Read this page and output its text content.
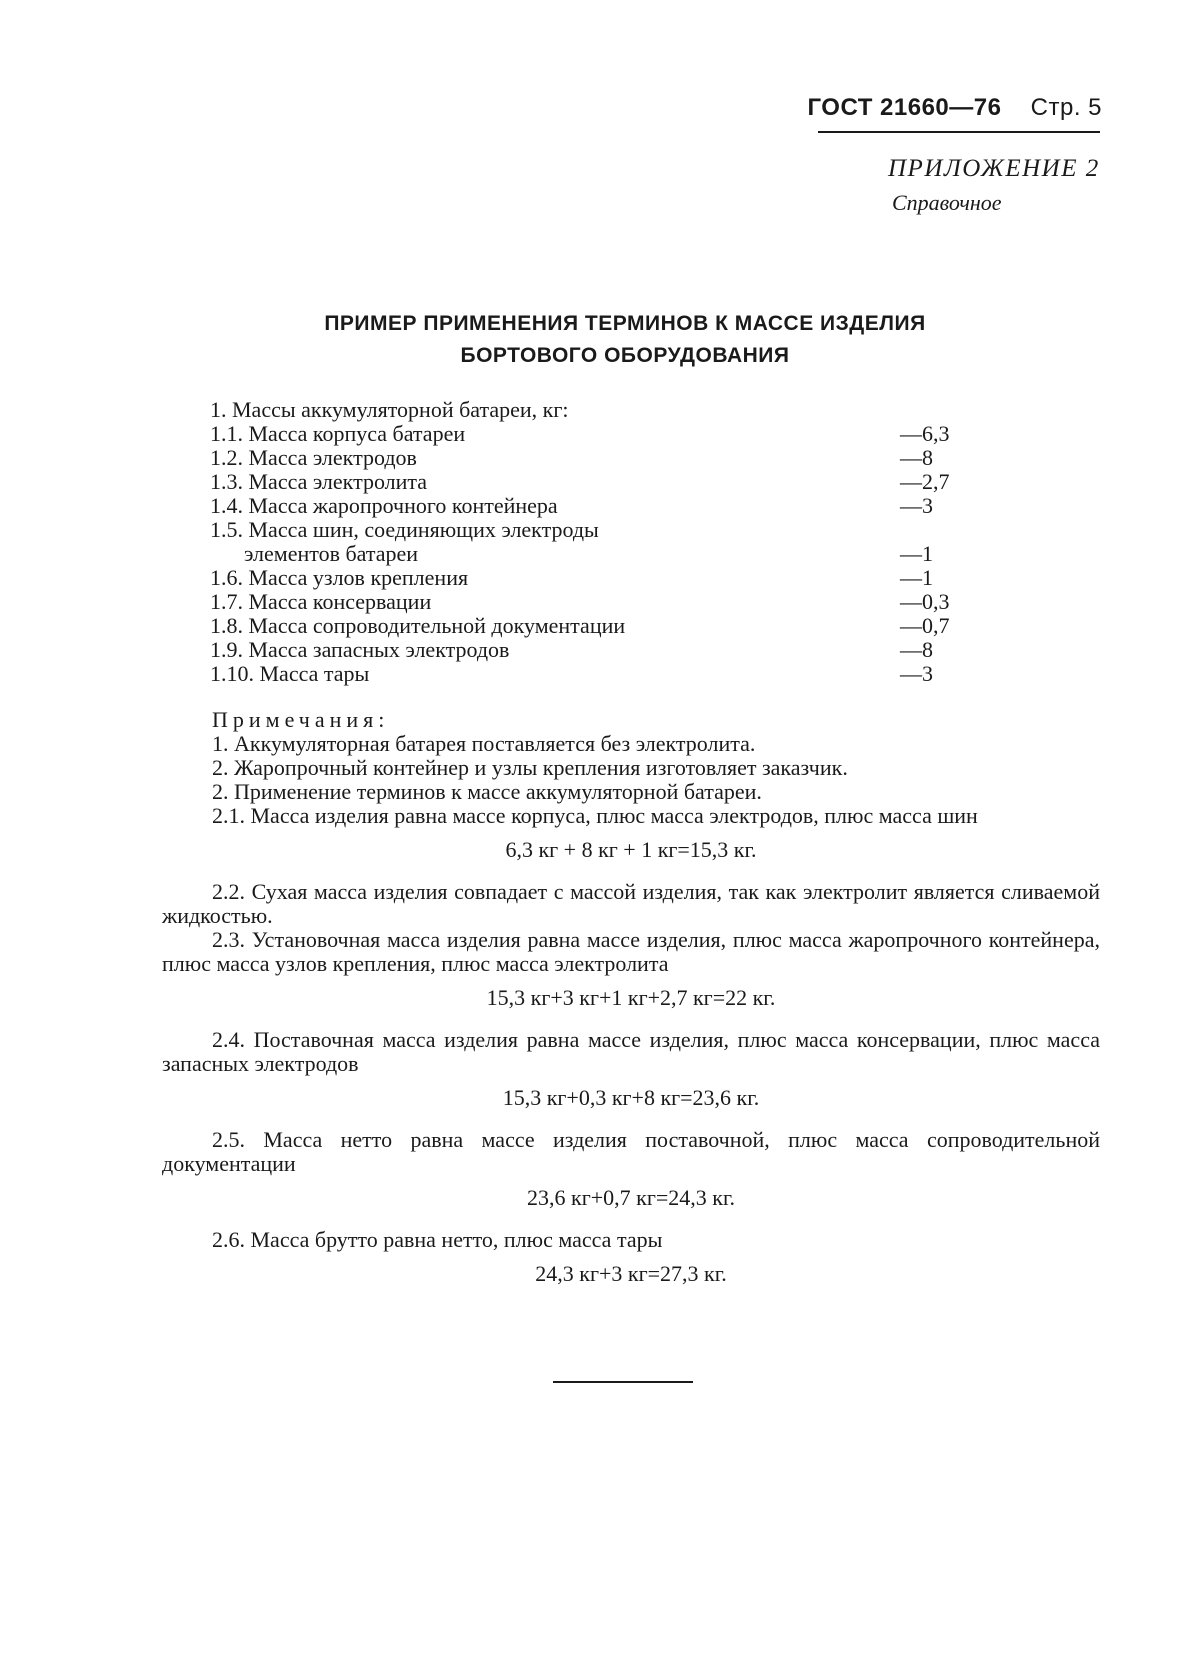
ГОСТ 21660—76 Стр. 5
ПРИЛОЖЕНИЕ 2
Справочное
ПРИМЕР ПРИМЕНЕНИЯ ТЕРМИНОВ К МАССЕ ИЗДЕЛИЯ
БОРТОВОГО ОБОРУДОВАНИЯ
1. Массы аккумуляторной батареи, кг:
1.1. Масса корпуса батареи	—6,3
1.2. Масса электродов	—8
1.3. Масса электролита	—2,7
1.4. Масса жаропрочного контейнера	—3
1.5. Масса шин, соединяющих электроды
элементов батареи	—1
1.6. Масса узлов крепления	—1
1.7. Масса консервации	—0,3
1.8. Масса сопроводительной документации	—0,7
1.9. Масса запасных электродов	—8
1.10. Масса тары	—3
Примечания:
1. Аккумуляторная батарея поставляется без электролита.
2. Жаропрочный контейнер и узлы крепления изготовляет заказчик.
2. Применение терминов к массе аккумуляторной батареи.
2.1. Масса изделия равна массе корпуса, плюс масса электродов, плюс масса шин
6,3 кг + 8 кг + 1 кг=15,3 кг.
2.2. Сухая масса изделия совпадает с массой изделия, так как электролит является сливаемой жидкостью.
2.3. Установочная масса изделия равна массе изделия, плюс масса жаропрочного контейнера, плюс масса узлов крепления, плюс масса электролита
15,3 кг+3 кг+1 кг+2,7 кг=22 кг.
2.4. Поставочная масса изделия равна массе изделия, плюс масса консервации, плюс масса запасных электродов
15,3 кг+0,3 кг+8 кг=23,6 кг.
2.5. Масса нетто равна массе изделия поставочной, плюс масса сопроводительной документации
23,6 кг+0,7 кг=24,3 кг.
2.6. Масса брутто равна нетто, плюс масса тары
24,3 кг+3 кг=27,3 кг.
